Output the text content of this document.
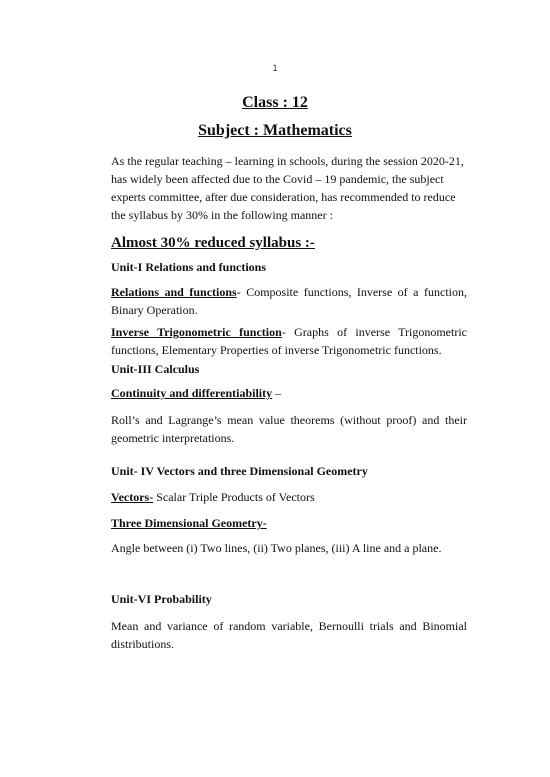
1
Class : 12
Subject : Mathematics
As the regular teaching – learning in schools, during the session 2020-21,
has widely been affected due to the Covid – 19 pandemic, the subject
experts committee, after due consideration, has recommended to reduce
the syllabus by 30% in the following manner :
Almost 30% reduced syllabus :-
Unit-I Relations and functions
Relations and functions- Composite functions, Inverse of a function,
Binary Operation.
Inverse Trigonometric function- Graphs of inverse Trigonometric
functions, Elementary Properties of inverse Trigonometric functions.
Unit-III Calculus
Continuity and differentiability –
Roll’s and Lagrange’s mean value theorems (without proof) and their
geometric interpretations.
Unit- IV Vectors and three Dimensional Geometry
Vectors- Scalar Triple Products of Vectors
Three Dimensional Geometry-
Angle between (i) Two lines, (ii) Two planes, (iii) A line and a plane.
Unit-VI Probability
Mean and variance of random variable, Bernoulli trials and Binomial
distributions.
